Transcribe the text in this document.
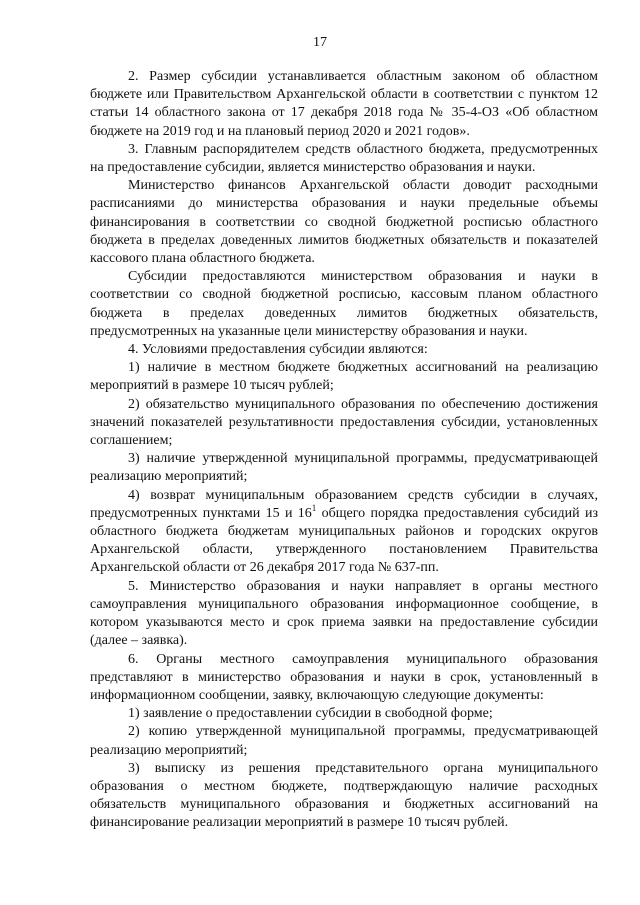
17

2. Размер субсидии устанавливается областным законом об областном бюджете или Правительством Архангельской области в соответствии с пунктом 12 статьи 14 областного закона от 17 декабря 2018 года № 35-4-ОЗ «Об областном бюджете на 2019 год и на плановый период 2020 и 2021 годов».

3. Главным распорядителем средств областного бюджета, предусмотренных на предоставление субсидии, является министерство образования и науки.

Министерство финансов Архангельской области доводит расходными расписаниями до министерства образования и науки предельные объемы финансирования в соответствии со сводной бюджетной росписью областного бюджета в пределах доведенных лимитов бюджетных обязательств и показателей кассового плана областного бюджета.

Субсидии предоставляются министерством образования и науки в соответствии со сводной бюджетной росписью, кассовым планом областного бюджета в пределах доведенных лимитов бюджетных обязательств, предусмотренных на указанные цели министерству образования и науки.

4. Условиями предоставления субсидии являются:

1) наличие в местном бюджете бюджетных ассигнований на реализацию мероприятий в размере 10 тысяч рублей;

2) обязательство муниципального образования по обеспечению достижения значений показателей результативности предоставления субсидии, установленных соглашением;

3) наличие утвержденной муниципальной программы, предусматривающей реализацию мероприятий;

4) возврат муниципальным образованием средств субсидии в случаях, предусмотренных пунктами 15 и $16^1$ общего порядка предоставления субсидий из областного бюджета бюджетам муниципальных районов и городских округов Архангельской области, утвержденного постановлением Правительства Архангельской области от 26 декабря 2017 года № 637-пп.

5. Министерство образования и науки направляет в органы местного самоуправления муниципального образования информационное сообщение, в котором указываются место и срок приема заявки на предоставление субсидии (далее – заявка).

6. Органы местного самоуправления муниципального образования представляют в министерство образования и науки в срок, установленный в информационном сообщении, заявку, включающую следующие документы:

1) заявление о предоставлении субсидии в свободной форме;

2) копию утвержденной муниципальной программы, предусматривающей реализацию мероприятий;

3) выписку из решения представительного органа муниципального образования о местном бюджете, подтверждающую наличие расходных обязательств муниципального образования и бюджетных ассигнований на финансирование реализации мероприятий в размере 10 тысяч рублей.
